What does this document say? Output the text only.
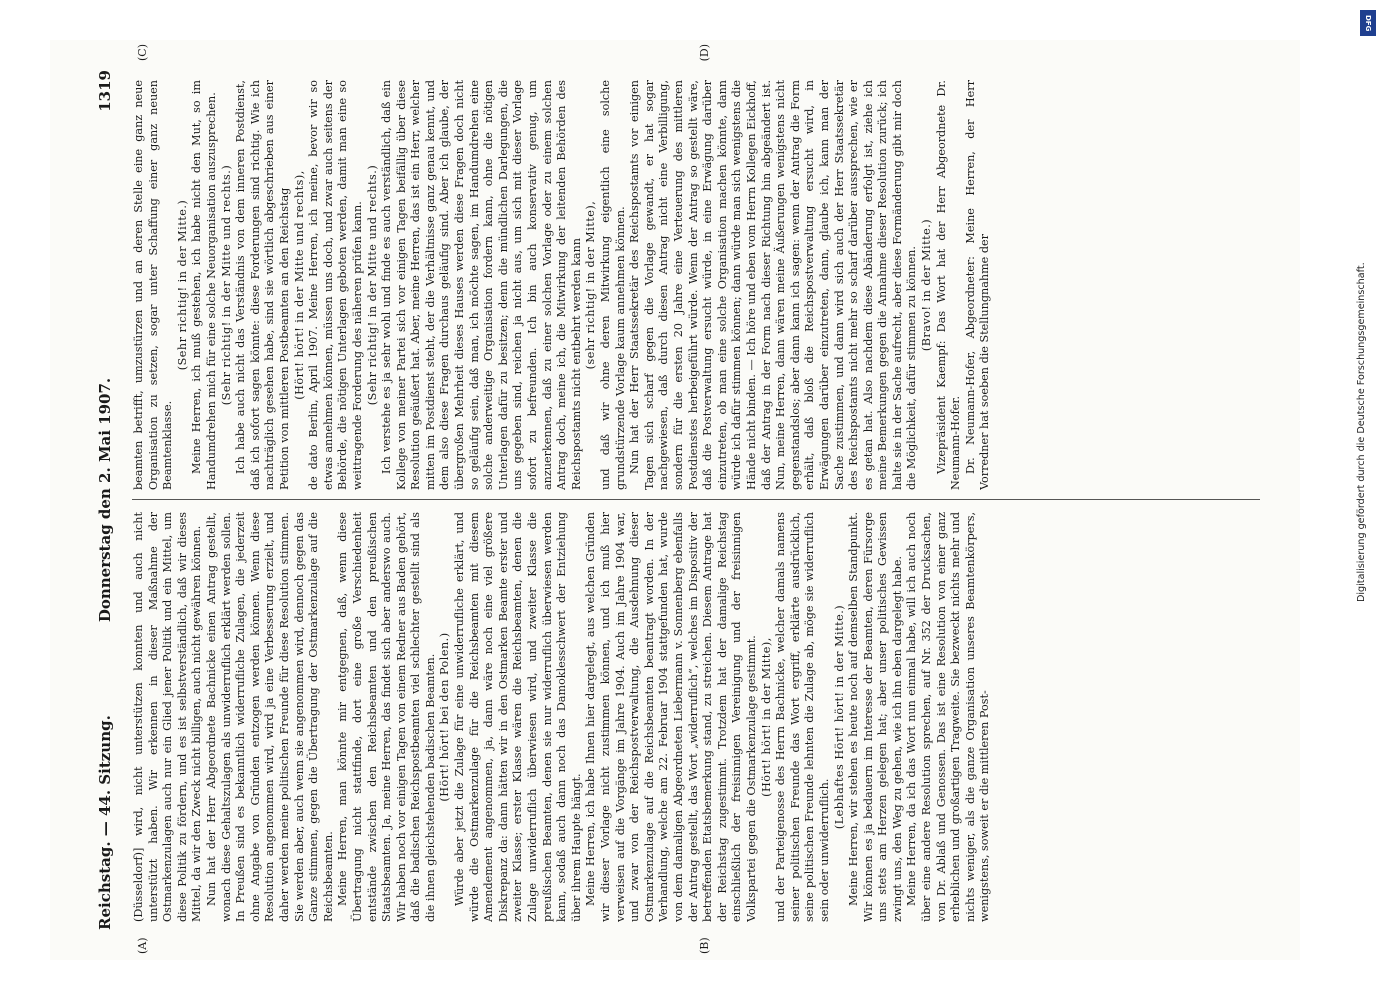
Reichstag. — 44. Sitzung.
Donnerstag den 2. Mai 1907.
1319
(A)	(B)
(C)	(D)

(Düsseldorf)] wird, nicht unterstützen konnten und auch nicht unterstützt haben. Wir erkennen in dieser Maßnahme der Ostmarkenzulagen auch nur ein Glied jener Politik und ein Mittel, um diese Politik zu fördern, und es ist selbstverständlich, daß wir dieses Mittel, da wir den Zweck nicht billigen, auch nicht gewähren können. Nun hat der Herr Abgeordnete Bachnicke einen Antrag gestellt, wonach diese Gehaltszulagen als unwiderruflich erklärt werden sollen. In Preußen sind es bekanntlich widerrufliche Zulagen, die jederzeit ohne Angabe von Gründen entzogen werden können. Wenn diese Resolution angenommen wird, wird ja eine Verbesserung erzielt, und daher werden meine politischen Freunde für diese Resolution stimmen. Sie werden aber, auch wenn sie angenommen wird, dennoch gegen das Ganze stimmen, gegen die Übertragung der Ostmarkenzulage auf die Reichsbeamten. Meine Herren, man könnte mir entgegnen, daß, wenn diese Übertragung nicht stattfinde, dort eine große Verschiedenheit entstände zwischen den Reichsbeamten und den preußischen Staatsbeamten. Ja, meine Herren, das findet sich aber anderswo auch. Wir haben noch vor einigen Tagen von einem Redner aus Baden gehört, daß die badischen Reichspostbeamten viel schlechter gestellt sind als die ihnen gleichstehenden badischen Beamten. (Hört! hört! bei den Polen.) Würde aber jetzt die Zulage für eine unwiderrufliche erklärt, und würde die Ostmarkenzulage für die Reichsbeamten mit diesem Amendement angenommen, ja, dann wäre noch eine viel größere Diskrepanz da: dann hätten wir in den Ostmarken Beamte erster und zweiter Klasse; erster Klasse wären die Reichsbeamten, denen die Zulage unwiderruflich überwiesen wird, und zweiter Klasse die preußischen Beamten, denen sie nur widerruflich überwiesen werden kann, sodaß auch dann noch das Damoklesschwert der Entziehung über ihrem Haupte hängt. Meine Herren, ich habe Ihnen hier dargelegt, aus welchen Gründen wir dieser Vorlage nicht zustimmen können, und ich muß hier verweisen auf die Vorgänge im Jahre 1904. Auch im Jahre 1904 war, und zwar von der Reichspostverwaltung, die Ausdehnung dieser Ostmarkenzulage auf die Reichsbeamten beantragt worden. In der Verhandlung, welche am 22. Februar 1904 stattgefunden hat, wurde von dem damaligen Abgeordneten Liebermann v. Sonnenberg ebenfalls der Antrag gestellt, das Wort „widerruflich“, welches im Dispositiv der betreffenden Etatsbemerkung stand, zu streichen. Diesem Antrage hat der Reichstag zugestimmt. Trotzdem hat der damalige Reichstag einschließlich der freisinnigen Vereinigung und der freisinnigen Volkspartei gegen die Ostmarkenzulage gestimmt. (Hört! hört! in der Mitte), und der Parteigenosse des Herrn Bachnicke, welcher damals namens seiner politischen Freunde das Wort ergriff, erklärte ausdrücklich, seine politischen Freunde lehnten die Zulage ab, möge sie widerruflich sein oder unwiderruflich.

(Lebhaftes Hört! hört! in der Mitte.) Meine Herren, wir stehen es heute noch auf demselben Standpunkt. Wir können es ja bedauern im Interesse der Beamten, deren Fürsorge uns stets am Herzen gelegen hat; aber unser politisches Gewissen zwingt uns, den Weg zu gehen, wie ich ihn eben dargelegt habe. Meine Herren, da ich das Wort nun einmal habe, will ich auch noch über eine andere Resolution sprechen, auf Nr. 352 der Drucksachen, von Dr. Ablaß und Genossen. Das ist eine Resolution von einer ganz erheblichen und großartigen Tragweite. Sie bezweckt nichts mehr und nichts weniger, als die ganze Organisation unseres Beamtenkörpers, wenigstens, soweit er die mittleren Post-

beamten betrifft, umzustürzen und an deren Stelle eine ganz neue Organisation zu setzen, sogar unter Schaffung einer ganz neuen Beamtenklasse.

(Sehr richtig! in der Mitte.) Meine Herren, ich muß gestehen, ich habe nicht den Mut, so im Handumdrehen mich für eine solche Neuorganisation auszusprechen. (Sehr richtig! in der Mitte und rechts.) Ich habe auch nicht das Verständnis von dem inneren Postdienst, daß ich sofort sagen könnte: diese Forderungen sind richtig. Wie ich nachträglich gesehen habe, sind sie wörtlich abgeschrieben aus einer Petition von mittleren Postbeamten an den Reichstag (Hört! hört! in der Mitte und rechts), de dato Berlin, April 1907. Meine Herren, ich meine, bevor wir so etwas annehmen können, müssen uns doch, und zwar auch seitens der Behörde, die nötigen Unterlagen geboten werden, damit man eine so weittragende Forderung des näheren prüfen kann. (Sehr richtig! in der Mitte und rechts.) Ich verstehe es ja sehr wohl und finde es auch verständlich, daß ein Kollege von meiner Partei sich vor einigen Tagen beifällig über diese Resolution geäußert hat. Aber, meine Herren, das ist ein Herr, welcher mitten im Postdienst steht, der die Verhältnisse ganz genau kennt, und dem also diese Fragen durchaus geläufig sind. Aber ich glaube, der übergroßen Mehrheit dieses Hauses werden diese Fragen doch nicht so geläufig sein, daß man, ich möchte sagen, im Handumdrehen eine solche anderweitige Organisation fordern kann, ohne die nötigen Unterlagen dafür zu besitzen; denn die mündlichen Darlegungen, die uns gegeben sind, reichen ja nicht aus, um sich mit dieser Vorlage sofort zu befreunden. Ich bin auch konservativ genug, um anzuerkennen, daß zu einer solchen Vorlage oder zu einem solchen Antrag doch, meine ich, die Mitwirkung der leitenden Behörden des Reichspostamts nicht entbehrt werden kann (sehr richtig! in der Mitte), und daß wir ohne deren Mitwirkung eigentlich eine solche grundstürzende Vorlage kaum annehmen können. Nun hat der Herr Staatssekretär des Reichspostamts vor einigen Tagen sich scharf gegen die Vorlage gewandt, er hat sogar nachgewiesen, daß durch diesen Antrag nicht eine Verbilligung, sondern für die ersten 20 Jahre eine Verteuerung des mittleren Postdienstes herbeigeführt würde. Wenn der Antrag so gestellt wäre, daß die Postverwaltung ersucht würde, in eine Erwägung darüber einzutreten, ob man eine solche Organisation machen könnte, dann würde ich dafür stimmen können; dann würde man sich wenigstens die Hände nicht binden. — Ich höre und eben vom Herrn Kollegen Eickhoff, daß der Antrag in der Form nach dieser Richtung hin abgeändert ist. Nun, meine Herren, dann wären meine Äußerungen wenigstens nicht gegenstandslos; aber dann kann ich sagen: wenn der Antrag die Form erhält, daß bloß die Reichspostverwaltung ersucht wird, in Erwägungen darüber einzutreten, dann, glaube ich, kann man der Sache zustimmen, und dann wird sich auch der Herr Staatssekretär des Reichspostamts nicht mehr so scharf darüber aussprechen, wie er es getan hat. Also nachdem diese Abänderung erfolgt ist, ziehe ich meine Bemerkungen gegen die Annahme dieser Resolution zurück; ich halte sie in der Sache aufrecht, aber diese Formänderung gibt mir doch die Möglichkeit, dafür stimmen zu können. (Bravo! in der Mitte.) Vizepräsident Kaempf: Das Wort hat der Herr Abgeordnete Dr. Neumann-Hofer. Dr. Neumann-Hofer, Abgeordneter: Meine Herren, der Herr Vorredner hat soeben die Stellungnahme der

DFG
Digitalisierung gefördert durch die Deutsche Forschungsgemeinschaft.
